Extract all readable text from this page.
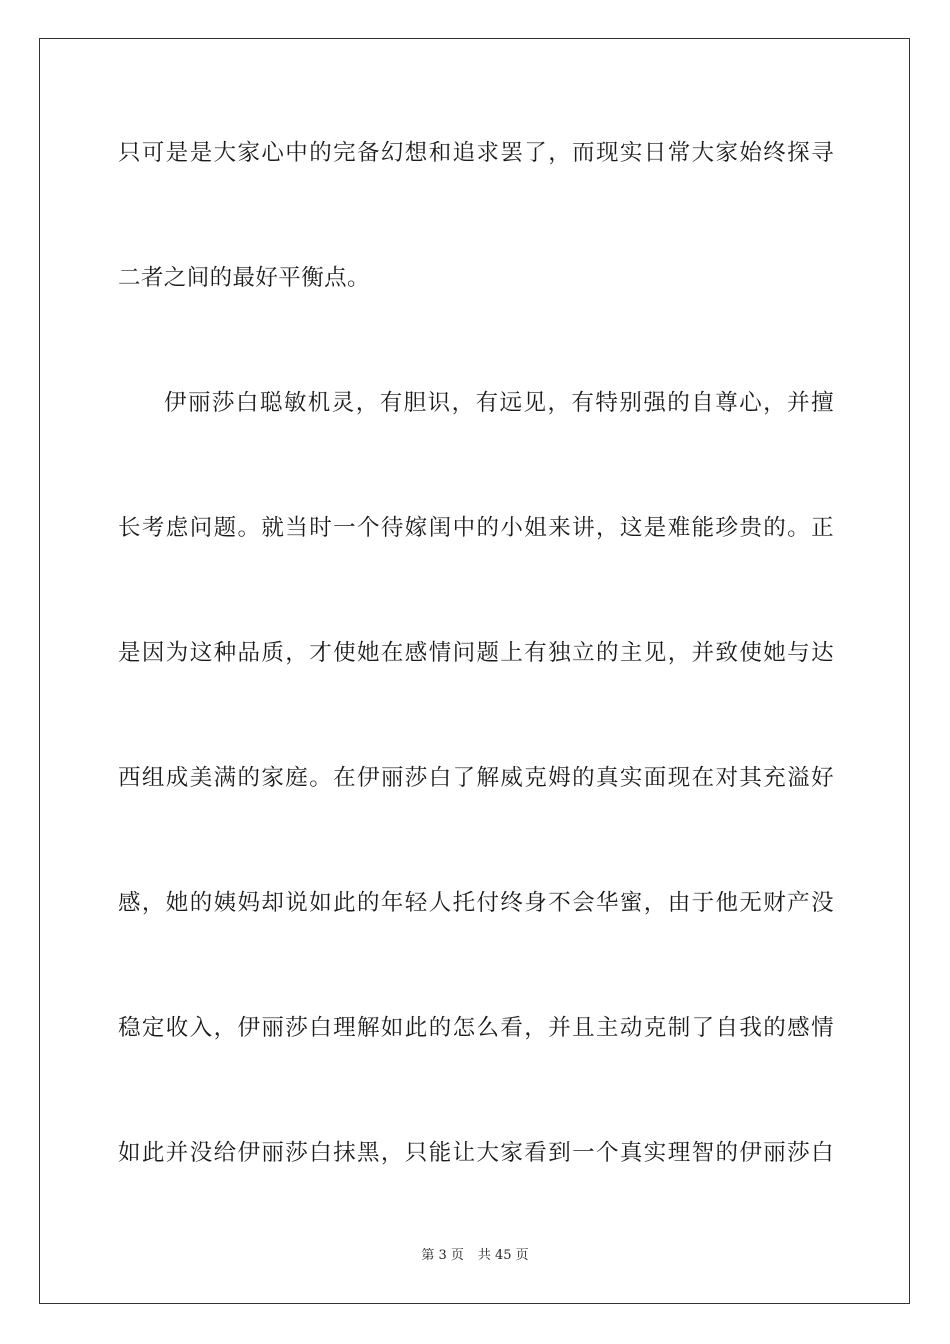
只可是是大家心中的完备幻想和追求罢了，而现实日常大家始终探寻
二者之间的最好平衡点。
伊丽莎白聪敏机灵，有胆识，有远见，有特别强的自尊心，并擅
长考虑问题。就当时一个待嫁闺中的小姐来讲，这是难能珍贵的。正
是因为这种品质，才使她在感情问题上有独立的主见，并致使她与达
西组成美满的家庭。在伊丽莎白了解威克姆的真实面现在对其充溢好
感，她的姨妈却说如此的年轻人托付终身不会华蜜，由于他无财产没
稳定收入，伊丽莎白理解如此的怎么看，并且主动克制了自我的感情
如此并没给伊丽莎白抹黑，只能让大家看到一个真实理智的伊丽莎白
第 3 页 共 45 页
